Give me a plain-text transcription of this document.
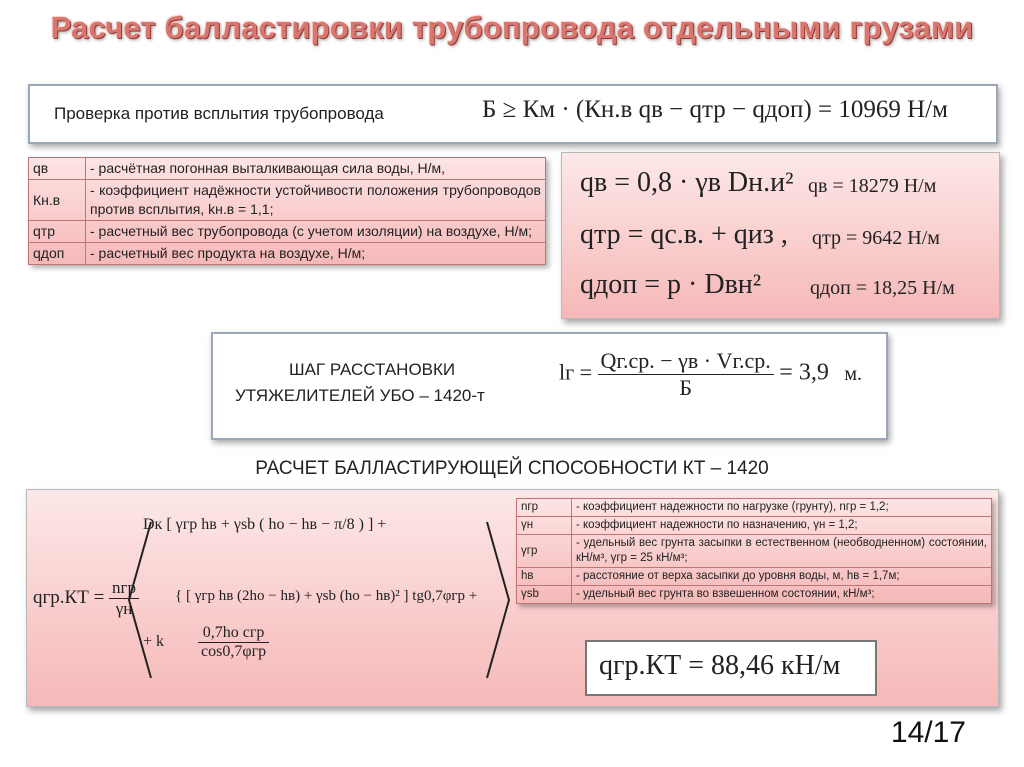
Расчет балластировки трубопровода отдельными грузами
Проверка против всплытия трубопровода	Б ≥ Км · (Кн.в qв − qтр − qдоп) = 10969 Н/м
qв	- расчётная погонная выталкивающая сила воды, Н/м,
Кн.в	- коэффициент надёжности устойчивости положения трубопроводов против всплытия, kн.в = 1,1;
qтр	- расчетный вес трубопровода (с учетом изоляции) на воздухе, Н/м;
qдоп	- расчетный вес продукта на воздухе, Н/м;
qв = 0,8 · γв Dн.и² qв = 18279 Н/м
qтр = qс.в. + qиз , qтр = 9642 Н/м
qдоп = p · Dвн² qдоп = 18,25 Н/м
ШАГ РАССТАНОВКИ
УТЯЖЕЛИТЕЛЕЙ УБО – 1420-т
lг = $\frac{Qг.ср. - \gamma в \cdot Vг.ср.}{Б} = 3,9$ м.
РАСЧЕТ БАЛЛАСТИРУЮЩЕЙ СПОСОБНОСТИ КТ – 1420
$qгр.КТ = \frac{\text{nгр}}{\gamma н}$
Dк [ γгр hв + γsb ( hо − hв − π/8 ) ] +
{ [ γгр hв (2hо − hв) + γsb (hо − hв)² ] tg0,7φгр +
+ k $\frac{\text{0,7hо cгр}}{\text{cos0,7φгр}}$
qгр.КТ = 88,46 кН/м
nгр	- коэффициент надежности по нагрузке (грунту), nгр = 1,2;
γн	- коэффициент надежности по назначению, γн = 1,2;
γгр	- удельный вес грунта засыпки в естественном (необводненном) состоянии, кН/м³, γгр = 25 кН/м³;
hв	- расстояние от верха засыпки до уровня воды, м, hв = 1,7м;
γsb	- удельный вес грунта во взвешенном состоянии, кН/м³;
14/17
